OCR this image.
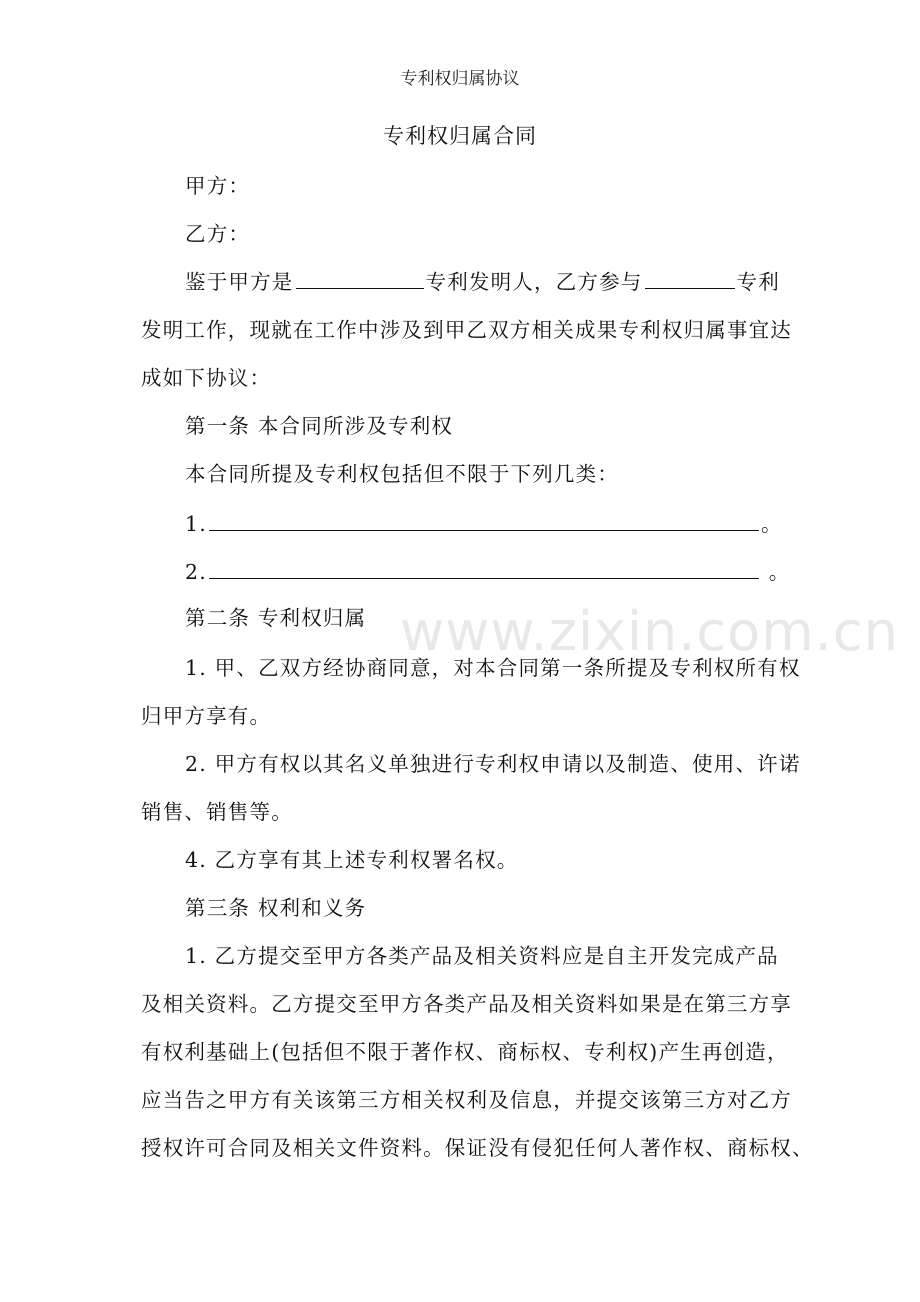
专利权归属协议
专利权归属合同
甲方：
乙方：
鉴于甲方是	专利发明人，乙方参与	专利
发明工作，现就在工作中涉及到甲乙双方相关成果专利权归属事宜达
成如下协议：
第一条 本合同所涉及专利权
本合同所提及专利权包括但不限于下列几类：
1.	。
2.	。
第二条 专利权归属
1. 甲、乙双方经协商同意，对本合同第一条所提及专利权所有权
归甲方享有。
2. 甲方有权以其名义单独进行专利权申请以及制造、使用、许诺
销售、销售等。
4. 乙方享有其上述专利权署名权。
第三条 权利和义务
1. 乙方提交至甲方各类产品及相关资料应是自主开发完成产品
及相关资料。乙方提交至甲方各类产品及相关资料如果是在第三方享
有权利基础上(包括但不限于著作权、商标权、专利权)产生再创造，
应当告之甲方有关该第三方相关权利及信息，并提交该第三方对乙方
授权许可合同及相关文件资料。保证没有侵犯任何人著作权、商标权、
www.zixin.com.cn
